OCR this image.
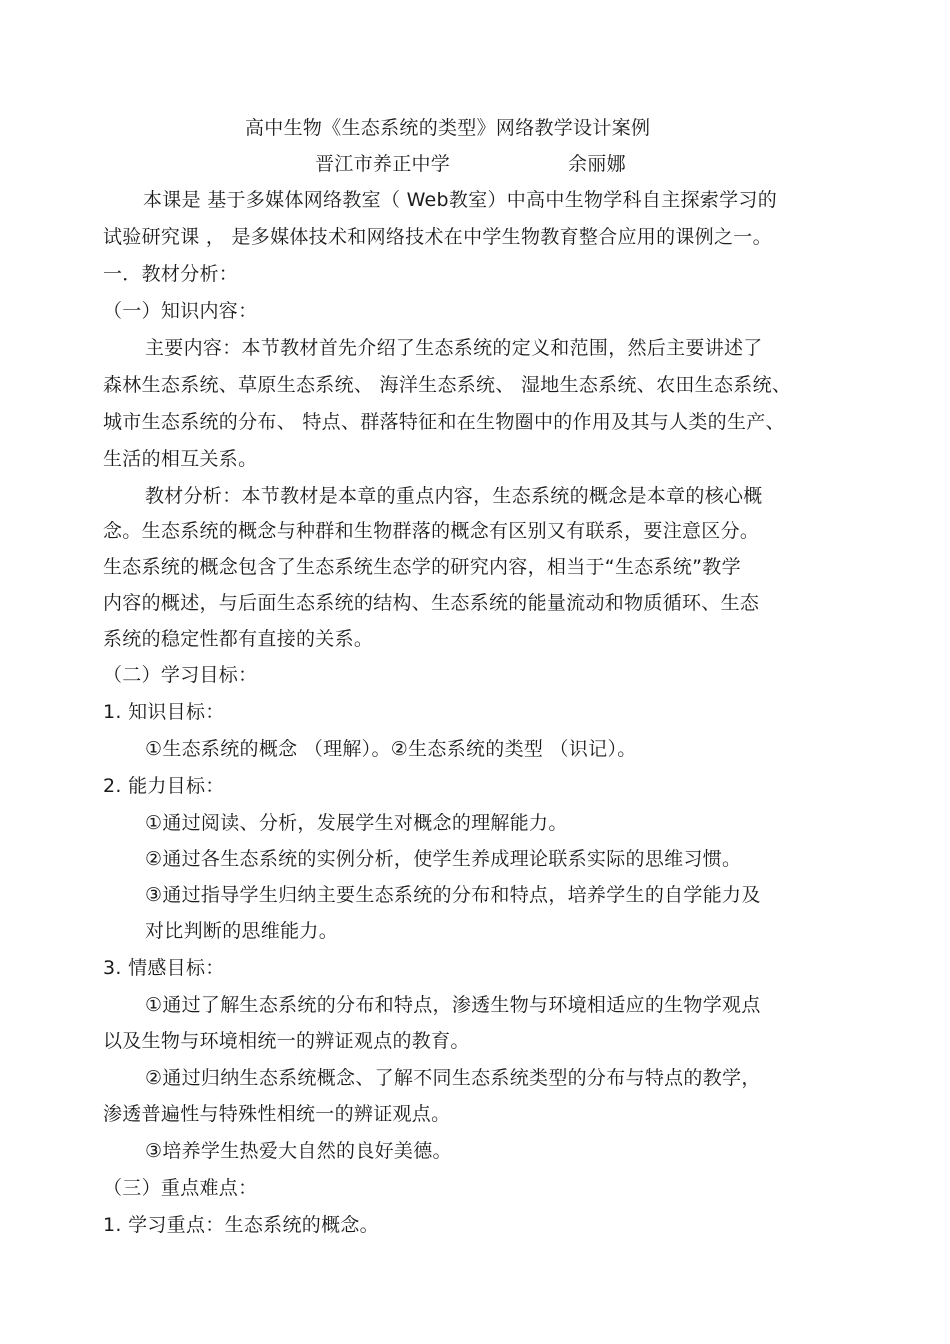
高中生物《生态系统的类型》网络教学设计案例
晋江市养正中学	余丽娜
本课是 基于多媒体网络教室（ Web教室）中高中生物学科自主探索学习的
试验研究课 ， 是多媒体技术和网络技术在中学生物教育整合应用的课例之一。
一．教材分析：
（一）知识内容：
主要内容：本节教材首先介绍了生态系统的定义和范围，然后主要讲述了
森林生态系统、草原生态系统、 海洋生态系统、 湿地生态系统、农田生态系统、
城市生态系统的分布、 特点、群落特征和在生物圈中的作用及其与人类的生产、
生活的相互关系。
教材分析：本节教材是本章的重点内容，生态系统的概念是本章的核心概
念。生态系统的概念与种群和生物群落的概念有区别又有联系，要注意区分。
生态系统的概念包含了生态系统生态学的研究内容，相当于“生态系统”教学
内容的概述，与后面生态系统的结构、生态系统的能量流动和物质循环、生态
系统的稳定性都有直接的关系。
（二）学习目标：
1. 知识目标：
①生态系统的概念 （理解）。②生态系统的类型 （识记）。
2. 能力目标：
①通过阅读、分析，发展学生对概念的理解能力。
②通过各生态系统的实例分析，使学生养成理论联系实际的思维习惯。
③通过指导学生归纳主要生态系统的分布和特点，培养学生的自学能力及
对比判断的思维能力。
3. 情感目标：
①通过了解生态系统的分布和特点，渗透生物与环境相适应的生物学观点
以及生物与环境相统一的辨证观点的教育。
②通过归纳生态系统概念、了解不同生态系统类型的分布与特点的教学，
渗透普遍性与特殊性相统一的辨证观点。
③培养学生热爱大自然的良好美德。
（三）重点难点：
1. 学习重点：生态系统的概念。
